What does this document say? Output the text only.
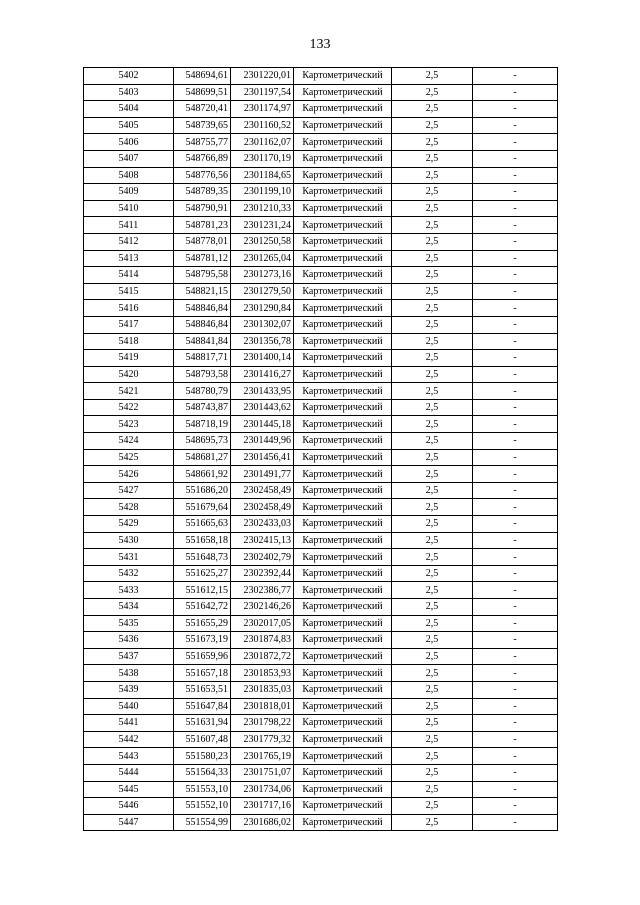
133
5402	548694,61	2301220,01	Картометрический	2,5	-
5403	548699,51	2301197,54	Картометрический	2,5	-
5404	548720,41	2301174,97	Картометрический	2,5	-
5405	548739,65	2301160,52	Картометрический	2,5	-
5406	548755,77	2301162,07	Картометрический	2,5	-
5407	548766,89	2301170,19	Картометрический	2,5	-
5408	548776,56	2301184,65	Картометрический	2,5	-
5409	548789,35	2301199,10	Картометрический	2,5	-
5410	548790,91	2301210,33	Картометрический	2,5	-
5411	548781,23	2301231,24	Картометрический	2,5	-
5412	548778,01	2301250,58	Картометрический	2,5	-
5413	548781,12	2301265,04	Картометрический	2,5	-
5414	548795,58	2301273,16	Картометрический	2,5	-
5415	548821,15	2301279,50	Картометрический	2,5	-
5416	548846,84	2301290,84	Картометрический	2,5	-
5417	548846,84	2301302,07	Картометрический	2,5	-
5418	548841,84	2301356,78	Картометрический	2,5	-
5419	548817,71	2301400,14	Картометрический	2,5	-
5420	548793,58	2301416,27	Картометрический	2,5	-
5421	548780,79	2301433,95	Картометрический	2,5	-
5422	548743,87	2301443,62	Картометрический	2,5	-
5423	548718,19	2301445,18	Картометрический	2,5	-
5424	548695,73	2301449,96	Картометрический	2,5	-
5425	548681,27	2301456,41	Картометрический	2,5	-
5426	548661,92	2301491,77	Картометрический	2,5	-
5427	551686,20	2302458,49	Картометрический	2,5	-
5428	551679,64	2302458,49	Картометрический	2,5	-
5429	551665,63	2302433,03	Картометрический	2,5	-
5430	551658,18	2302415,13	Картометрический	2,5	-
5431	551648,73	2302402,79	Картометрический	2,5	-
5432	551625,27	2302392,44	Картометрический	2,5	-
5433	551612,15	2302386,77	Картометрический	2,5	-
5434	551642,72	2302146,26	Картометрический	2,5	-
5435	551655,29	2302017,05	Картометрический	2,5	-
5436	551673,19	2301874,83	Картометрический	2,5	-
5437	551659,96	2301872,72	Картометрический	2,5	-
5438	551657,18	2301853,93	Картометрический	2,5	-
5439	551653,51	2301835,03	Картометрический	2,5	-
5440	551647,84	2301818,01	Картометрический	2,5	-
5441	551631,94	2301798,22	Картометрический	2,5	-
5442	551607,48	2301779,32	Картометрический	2,5	-
5443	551580,23	2301765,19	Картометрический	2,5	-
5444	551564,33	2301751,07	Картометрический	2,5	-
5445	551553,10	2301734,06	Картометрический	2,5	-
5446	551552,10	2301717,16	Картометрический	2,5	-
5447	551554,99	2301686,02	Картометрический	2,5	-
